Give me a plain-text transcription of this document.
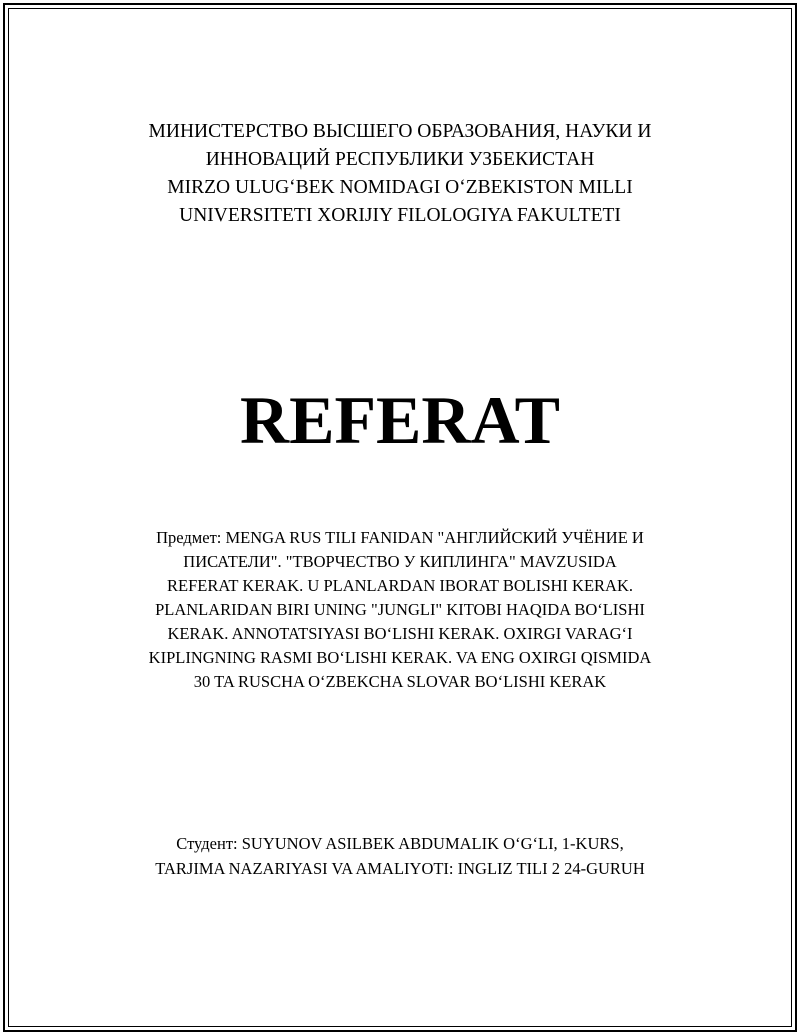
МИНИСТЕРСТВО ВЫСШЕГО ОБРАЗОВАНИЯ, НАУКИ И
ИННОВАЦИЙ РЕСПУБЛИКИ УЗБЕКИСТАН
MIRZO ULUG‘BEK NOMIDAGI O‘ZBEKISTON MILLI
UNIVERSITETI XORIJIY FILOLOGIYA FAKULTETI
REFERAT
Предмет: MENGA RUS TILI FANIDAN "АНГЛИЙСКИЙ УЧЁНИЕ И
ПИСАТЕЛИ". "ТВОРЧЕСТВО У КИПЛИНГА" MAVZUSIDA
REFERAT KERAK. U PLANLARDAN IBORAT BOLISHI KERAK.
PLANLARIDAN BIRI UNING "JUNGLI" KITOBI HAQIDA BO‘LISHI
KERAK. ANNOTATSIYASI BO‘LISHI KERAK. OXIRGI VARAG‘I
KIPLINGNING RASMI BO‘LISHI KERAK. VA ENG OXIRGI QISMIDA
30 TA RUSCHA O‘ZBEKCHA SLOVAR BO‘LISHI KERAK
Студент: SUYUNOV ASILBEK ABDUMALIK O‘G‘LI, 1-KURS,
TARJIMA NAZARIYASI VA AMALIYOTI: INGLIZ TILI 2 24-GURUH
